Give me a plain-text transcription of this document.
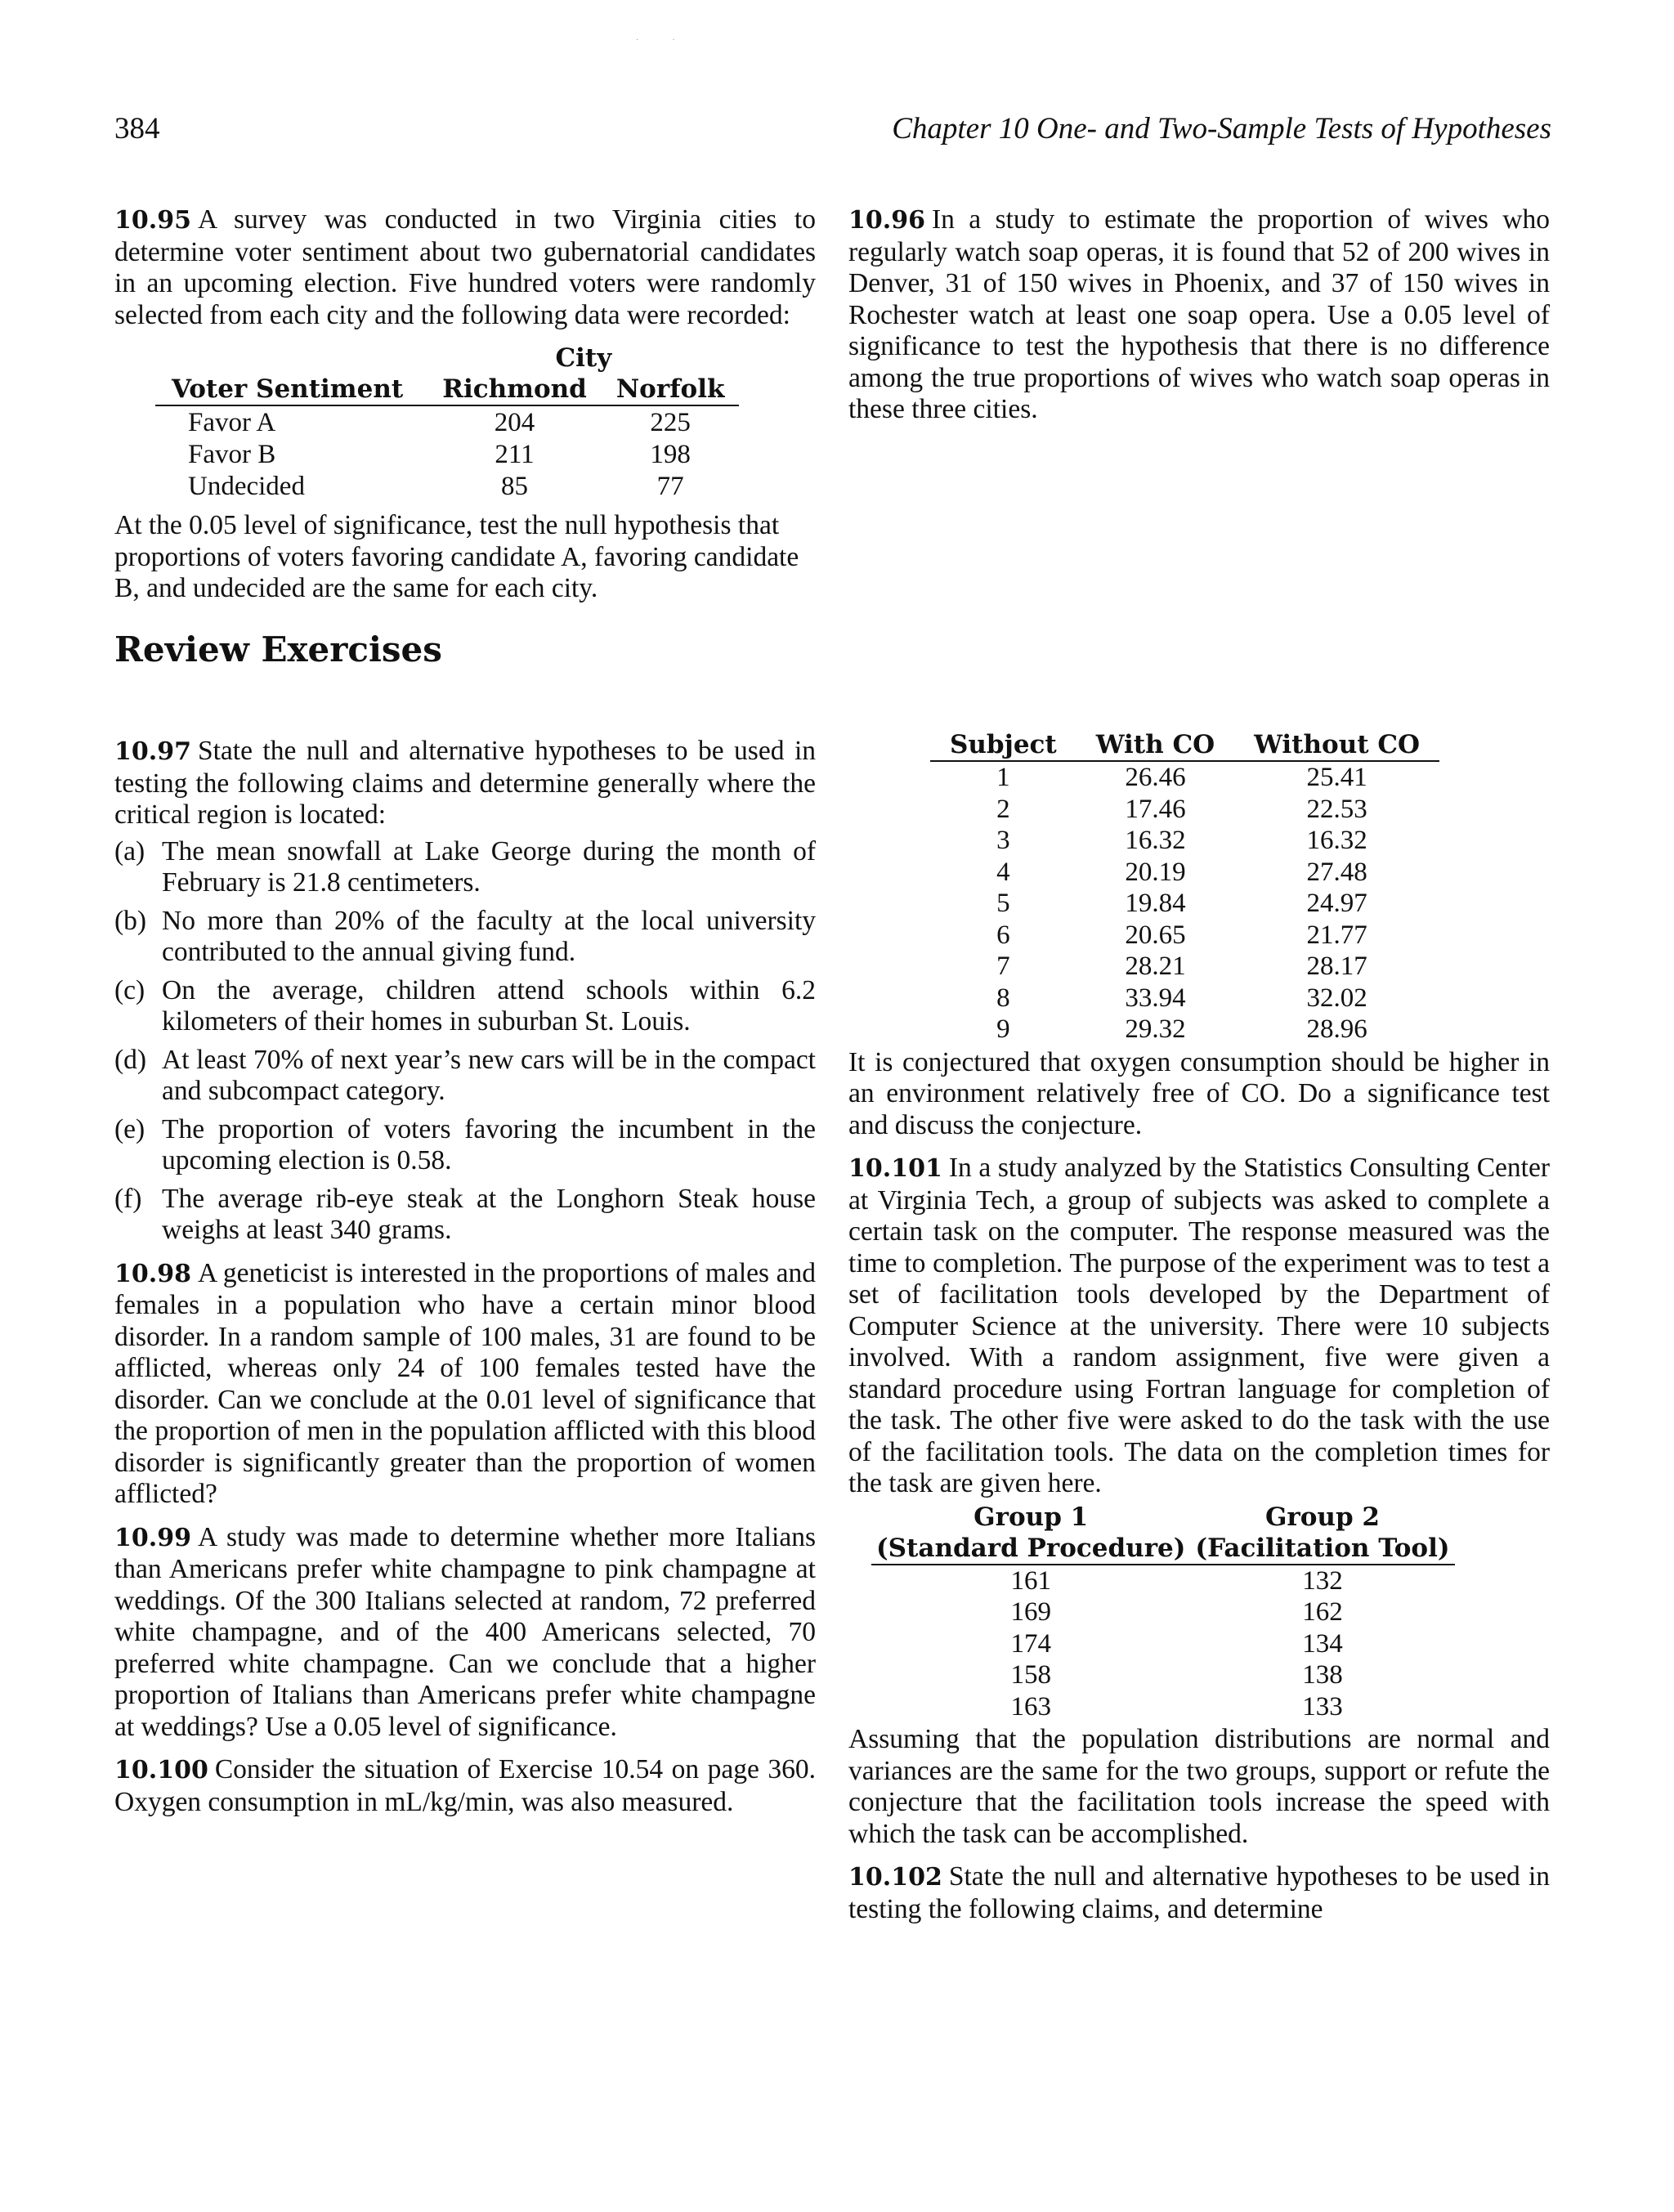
·             ·
384	Chapter 10 One- and Two-Sample Tests of Hypotheses

10.95 A survey was conducted in two Virginia cities to determine voter sentiment about two gubernatorial candidates in an upcoming election. Five hundred voters were randomly selected from each city and the following data were recorded:

	City	
Voter Sentiment	Richmond	Norfolk
Favor A	204	225
Favor B	211	198
Undecided	85	77

At the 0.05 level of significance, test the null hypothesis that proportions of voters favoring candidate A, favoring candidate B, and undecided are the same for each city.

10.96 In a study to estimate the proportion of wives who regularly watch soap operas, it is found that 52 of 200 wives in Denver, 31 of 150 wives in Phoenix, and 37 of 150 wives in Rochester watch at least one soap opera. Use a 0.05 level of significance to test the hypothesis that there is no difference among the true proportions of wives who watch soap operas in these three cities.

Review Exercises

10.97 State the null and alternative hypotheses to be used in testing the following claims and determine generally where the critical region is located:

(a) The mean snowfall at Lake George during the month of February is 21.8 centimeters.
(b) No more than 20% of the faculty at the local university contributed to the annual giving fund.
(c) On the average, children attend schools within 6.2 kilometers of their homes in suburban St. Louis.
(d) At least 70% of next year’s new cars will be in the compact and subcompact category.
(e) The proportion of voters favoring the incumbent in the upcoming election is 0.58.
(f) The average rib-eye steak at the Longhorn Steak house weighs at least 340 grams.

10.98 A geneticist is interested in the proportions of males and females in a population who have a certain minor blood disorder. In a random sample of 100 males, 31 are found to be afflicted, whereas only 24 of 100 females tested have the disorder. Can we conclude at the 0.01 level of significance that the proportion of men in the population afflicted with this blood disorder is significantly greater than the proportion of women afflicted?

10.99 A study was made to determine whether more Italians than Americans prefer white champagne to pink champagne at weddings. Of the 300 Italians selected at random, 72 preferred white champagne, and of the 400 Americans selected, 70 preferred white champagne. Can we conclude that a higher proportion of Italians than Americans prefer white champagne at weddings? Use a 0.05 level of significance.

10.100 Consider the situation of Exercise 10.54 on page 360. Oxygen consumption in mL/kg/min, was also measured.

Subject	With CO	Without CO
1	26.46	25.41
2	17.46	22.53
3	16.32	16.32
4	20.19	27.48
5	19.84	24.97
6	20.65	21.77
7	28.21	28.17
8	33.94	32.02
9	29.32	28.96

It is conjectured that oxygen consumption should be higher in an environment relatively free of CO. Do a significance test and discuss the conjecture.

10.101 In a study analyzed by the Statistics Consulting Center at Virginia Tech, a group of subjects was asked to complete a certain task on the computer. The response measured was the time to completion. The purpose of the experiment was to test a set of facilitation tools developed by the Department of Computer Science at the university. There were 10 subjects involved. With a random assignment, five were given a standard procedure using Fortran language for completion of the task. The other five were asked to do the task with the use of the facilitation tools. The data on the completion times for the task are given here.

Group 1	Group 2
(Standard Procedure)	(Facilitation Tool)
161	132
169	162
174	134
158	138
163	133

Assuming that the population distributions are normal and variances are the same for the two groups, support or refute the conjecture that the facilitation tools increase the speed with which the task can be accomplished.

10.102 State the null and alternative hypotheses to be used in testing the following claims, and determine
